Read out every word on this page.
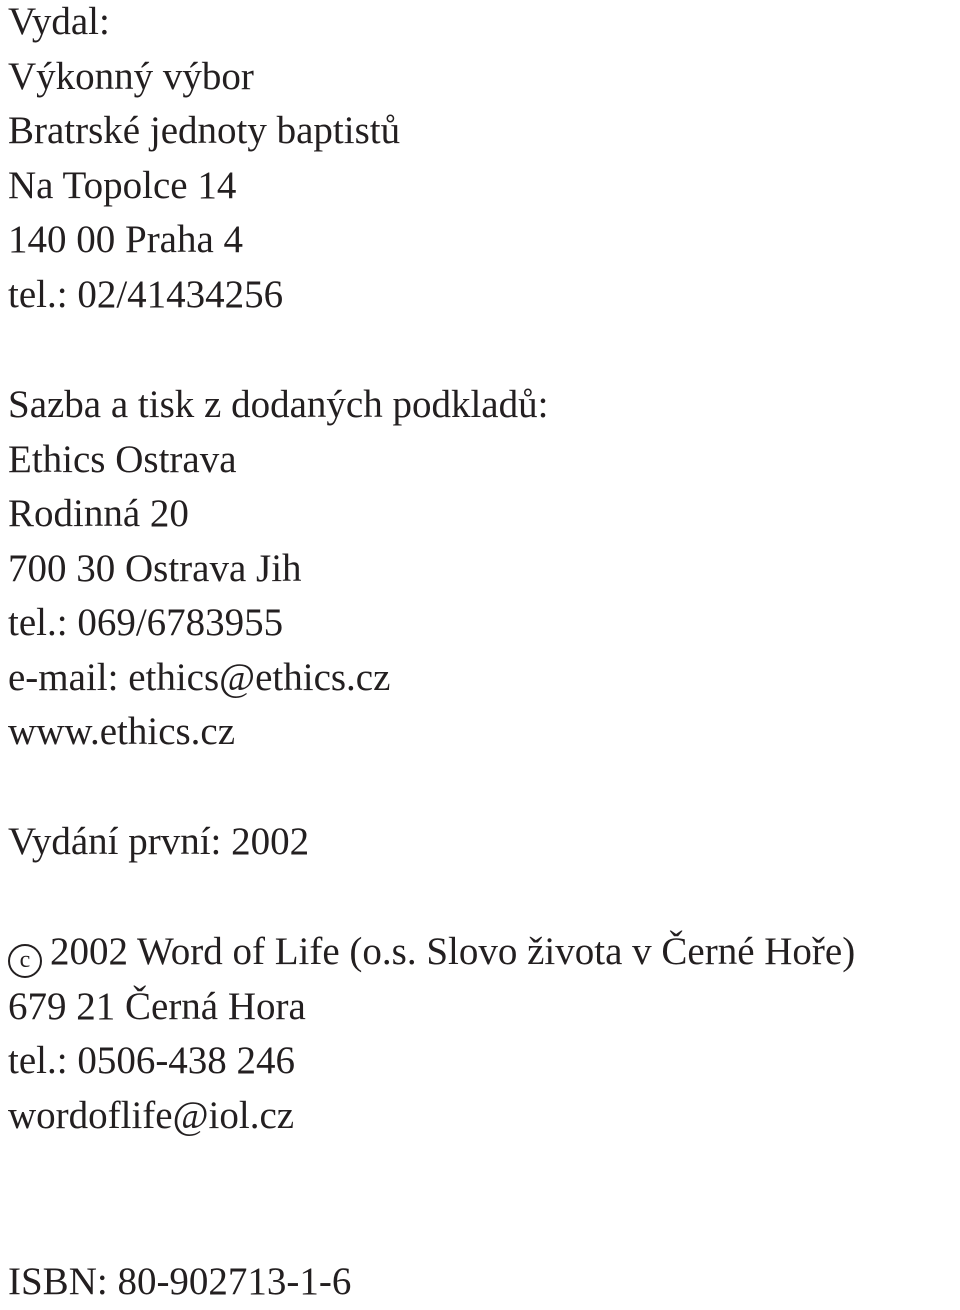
Vydal:
Výkonný výbor
Bratrské jednoty baptistů
Na Topolce 14
140 00 Praha 4
tel.: 02/41434256
Sazba a tisk z dodaných podkladů:
Ethics Ostrava
Rodinná 20
700 30 Ostrava Jih
tel.: 069/6783955
e-mail: ethics@ethics.cz
www.ethics.cz
Vydání první: 2002
c 2002 Word of Life (o.s. Slovo života v Černé Hoře)
679 21 Černá Hora
tel.: 0506-438 246
wordoflife@iol.cz
ISBN: 80-902713-1-6
